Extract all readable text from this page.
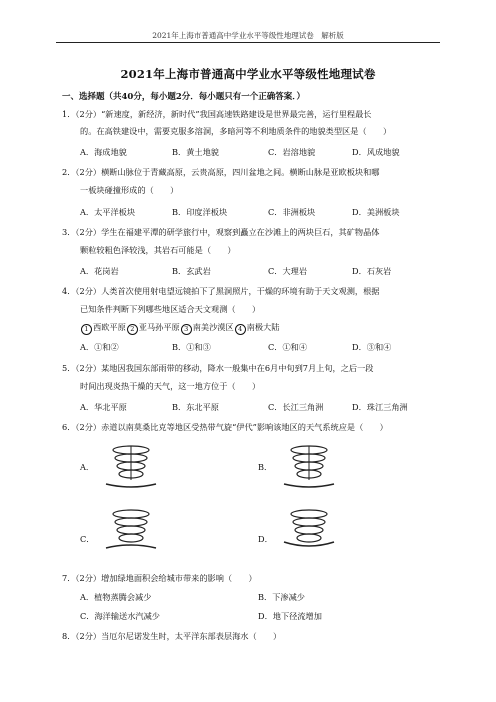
2021年上海市普通高中学业水平等级性地理试卷　解析版
2021年上海市普通高中学业水平等级性地理试卷
一、选择题（共40分，每小题2分．每小题只有一个正确答案．）
1．（2分）“新速度，新经济，新时代”我国高速铁路建设是世界最完善，运行里程最长
的。在高铁建设中，需要克服多溶洞，多暗河等不利地质条件的地貌类型区是（　　）
A．海成地貌	B．黄土地貌	C．岩溶地貌	D．风成地貌
2．（2分）横断山脉位于青藏高原，云贵高原，四川盆地之间。横断山脉是亚欧板块和哪
一板块碰撞形成的（　　）
A．太平洋板块	B．印度洋板块	C．非洲板块	D．美洲板块
3．（2分）学生在福建平潭的研学旅行中，观察到矗立在沙滩上的两块巨石，其矿物晶体
颗粒较粗色泽较浅，其岩石可能是（　　）
A．花岗岩	B．玄武岩	C．大理岩	D．石灰岩
4．（2分）人类首次使用射电望远镜拍下了黑洞照片，干燥的环境有助于天文观测，根据
已知条件判断下列哪些地区适合天文观测（　　）
1 西欧平原 2 亚马孙平原 3 南美沙漠区 4 南极大陆
A．①和②	B．①和③	C．①和④	D．③和④
5．（2分）某地因我国东部雨带的移动，降水一般集中在6月中旬到7月上旬，之后一段
时间出现炎热干燥的天气，这一地方位于（　　）
A．华北平原	B．东北平原	C．长江三角洲	D．珠江三角洲
6．（2分）赤道以南莫桑比克等地区受热带气旋“伊代”影响该地区的天气系统应是（　　）
A．	B．
C．	D．
7．（2分）增加绿地面积会给城市带来的影响（　　）
A．植物蒸腾会减少	B．下渗减少
C．海洋输送水汽减少	D．地下径流增加
8．（2分）当厄尔尼诺发生时，太平洋东部表层海水（　　）
